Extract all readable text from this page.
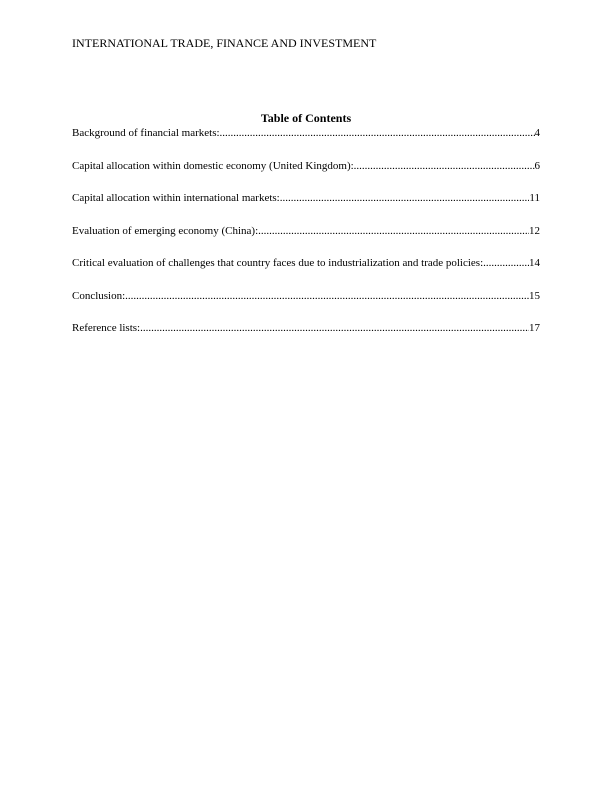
INTERNATIONAL TRADE, FINANCE AND INVESTMENT
Table of Contents
Background of financial markets: .....	4
Capital allocation within domestic economy (United Kingdom): .....	6
Capital allocation within international markets: .....	11
Evaluation of emerging economy (China): .....	12
Critical evaluation of challenges that country faces due to industrialization and trade policies: .....	14
Conclusion: .....	15
Reference lists: .....	17
